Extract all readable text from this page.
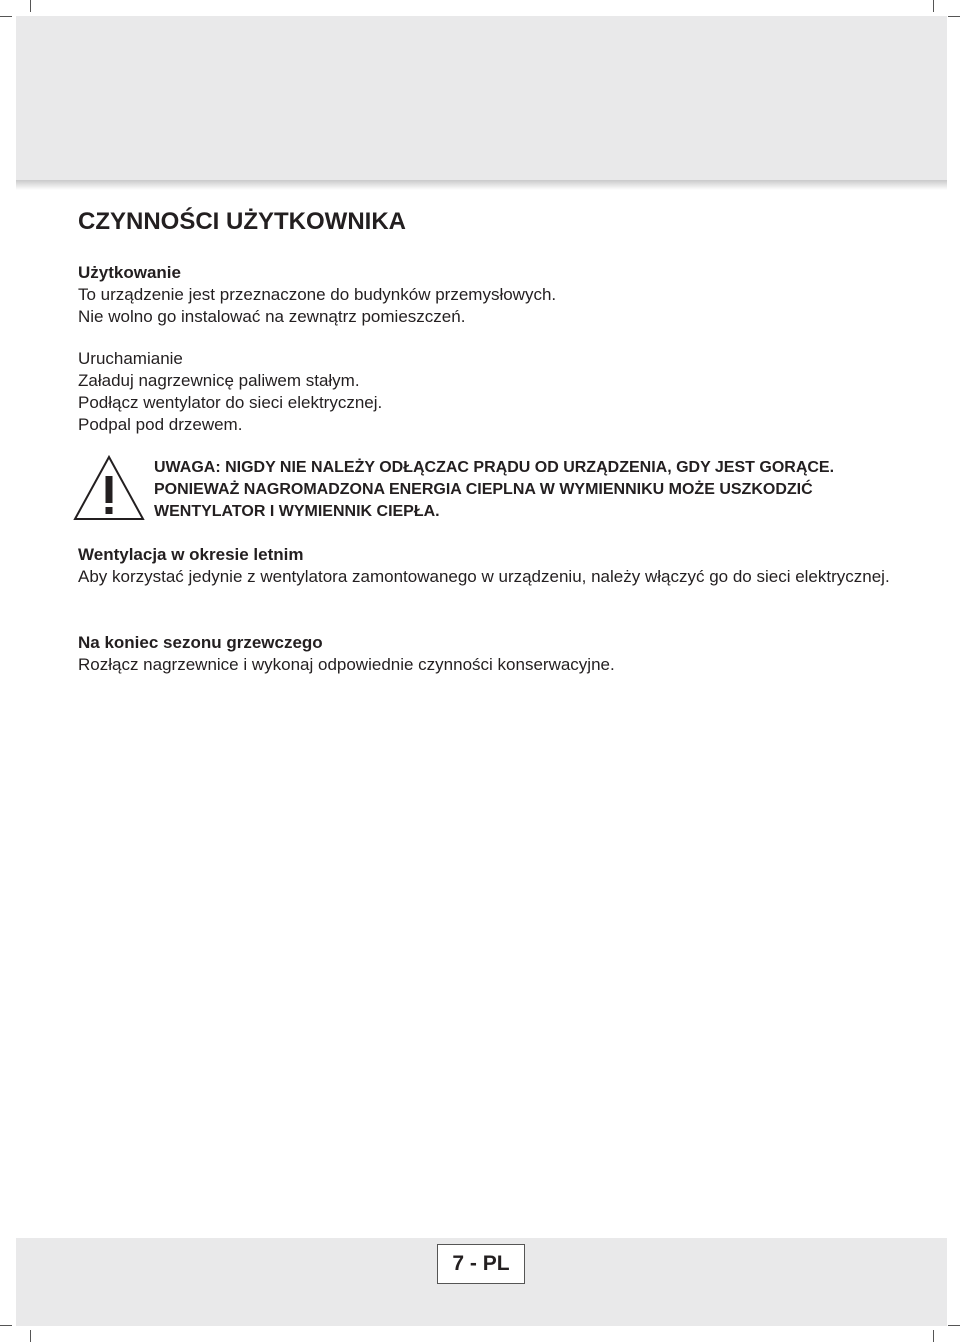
CZYNNOŚCI UŻYTKOWNIKA
Użytkowanie
To urządzenie jest przeznaczone do budynków przemysłowych.
Nie wolno go instalować na zewnątrz pomieszczeń.
Uruchamianie
Załaduj nagrzewnicę paliwem stałym.
Podłącz wentylator do sieci elektrycznej.
Podpal pod drzewem.
Wentylacja w okresie letnim
Aby korzystać jedynie z wentylatora zamontowanego w urządzeniu, należy włączyć go do sieci elektrycznej.
Na koniec sezonu grzewczego
Rozłącz nagrzewnice i wykonaj odpowiednie czynności konserwacyjne.
UWAGA: NIGDY NIE NALEŻY ODŁĄCZAC PRĄDU OD URZĄDZENIA, GDY JEST GORĄCE. PONIEWAŻ NAGROMADZONA ENERGIA CIEPLNA W WYMIENNIKU MOŻE USZKODZIĆ WENTYLATOR I WYMIENNIK CIEPŁA.
7 - PL
